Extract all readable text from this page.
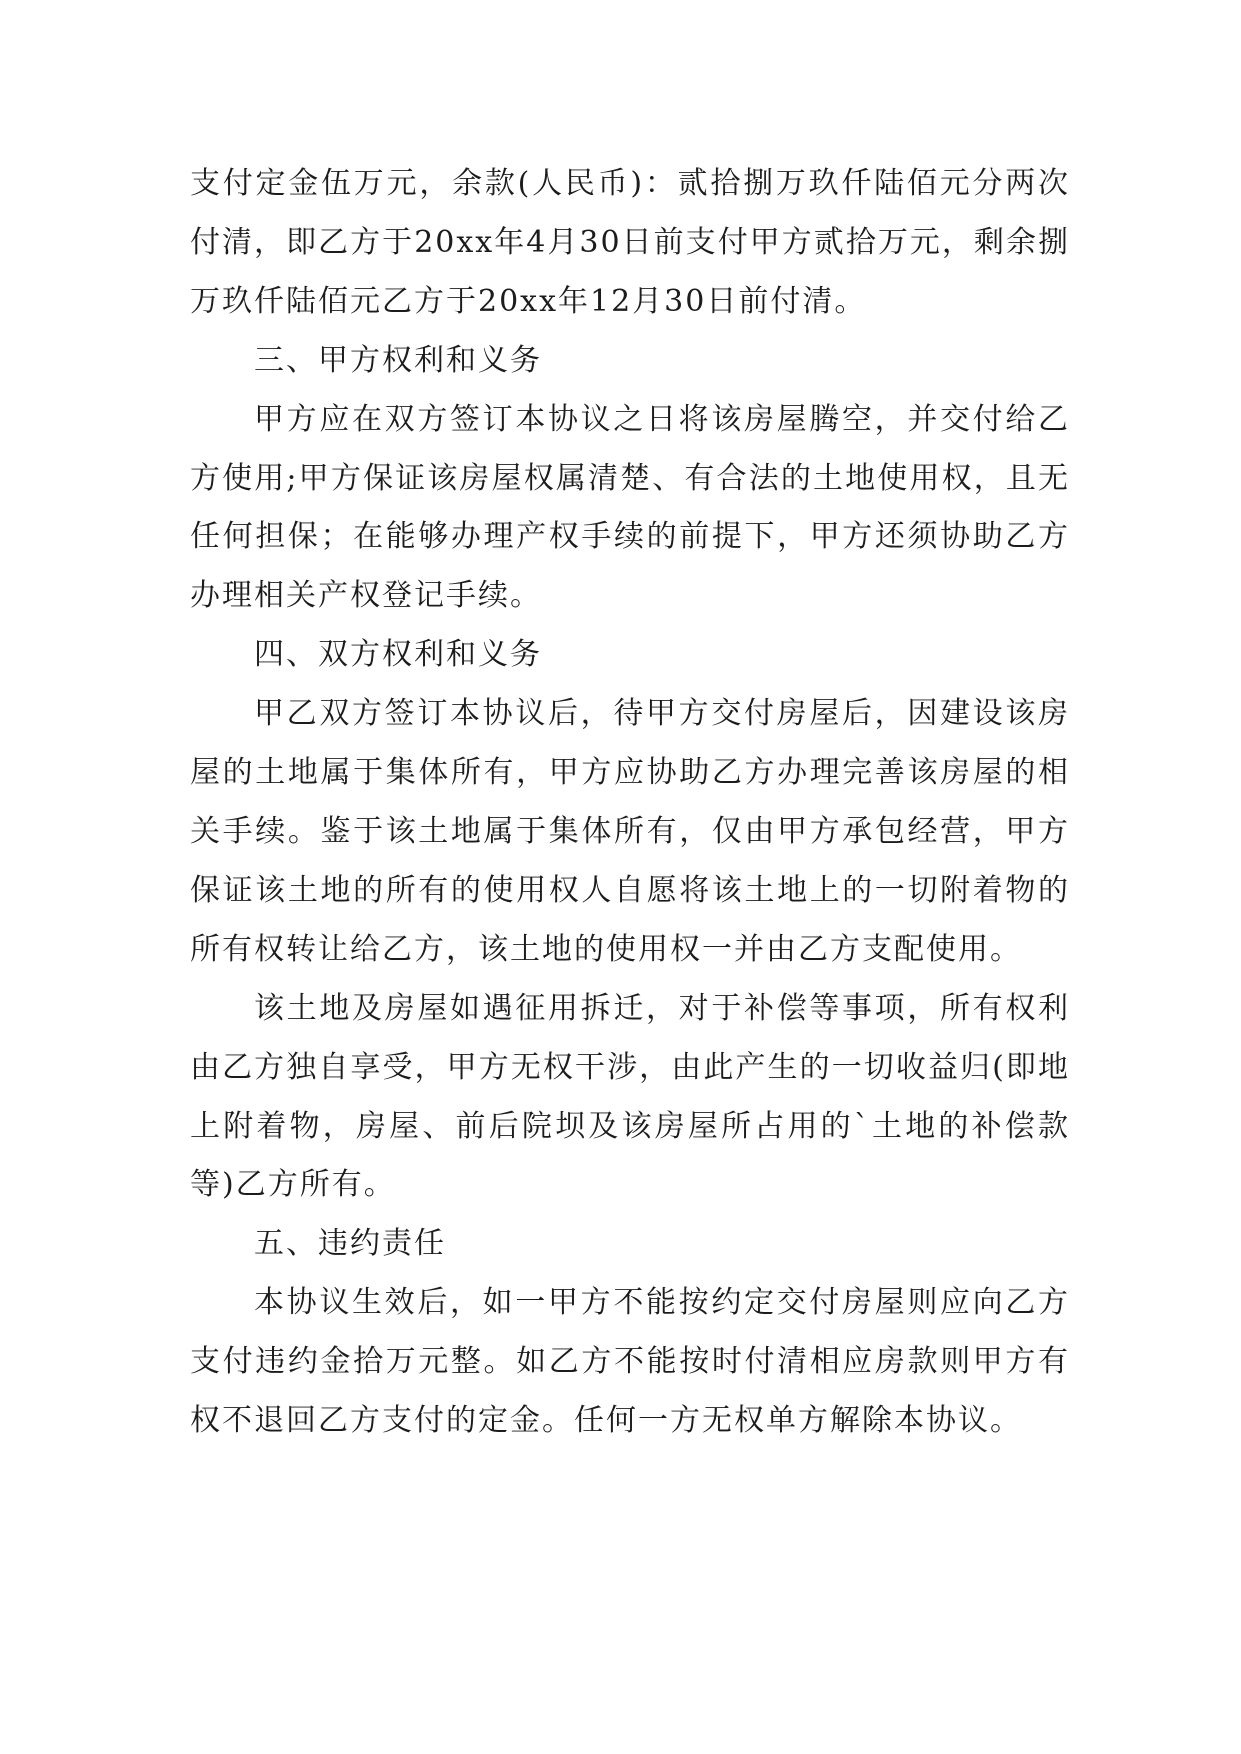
支付定金伍万元，余款(人民币)：贰拾捌万玖仟陆佰元分两次付清，即乙方于20xx年4月30日前支付甲方贰拾万元，剩余捌万玖仟陆佰元乙方于20xx年12月30日前付清。

三、甲方权利和义务

甲方应在双方签订本协议之日将该房屋腾空，并交付给乙方使用;甲方保证该房屋权属清楚、有合法的土地使用权，且无任何担保；在能够办理产权手续的前提下，甲方还须协助乙方办理相关产权登记手续。

四、双方权利和义务

甲乙双方签订本协议后，待甲方交付房屋后，因建设该房屋的土地属于集体所有，甲方应协助乙方办理完善该房屋的相关手续。鉴于该土地属于集体所有，仅由甲方承包经营，甲方保证该土地的所有的使用权人自愿将该土地上的一切附着物的所有权转让给乙方，该土地的使用权一并由乙方支配使用。

该土地及房屋如遇征用拆迁，对于补偿等事项，所有权利由乙方独自享受，甲方无权干涉，由此产生的一切收益归(即地上附着物，房屋、前后院坝及该房屋所占用的`土地的补偿款等)乙方所有。

五、违约责任

本协议生效后，如一甲方不能按约定交付房屋则应向乙方支付违约金拾万元整。如乙方不能按时付清相应房款则甲方有权不退回乙方支付的定金。任何一方无权单方解除本协议。
